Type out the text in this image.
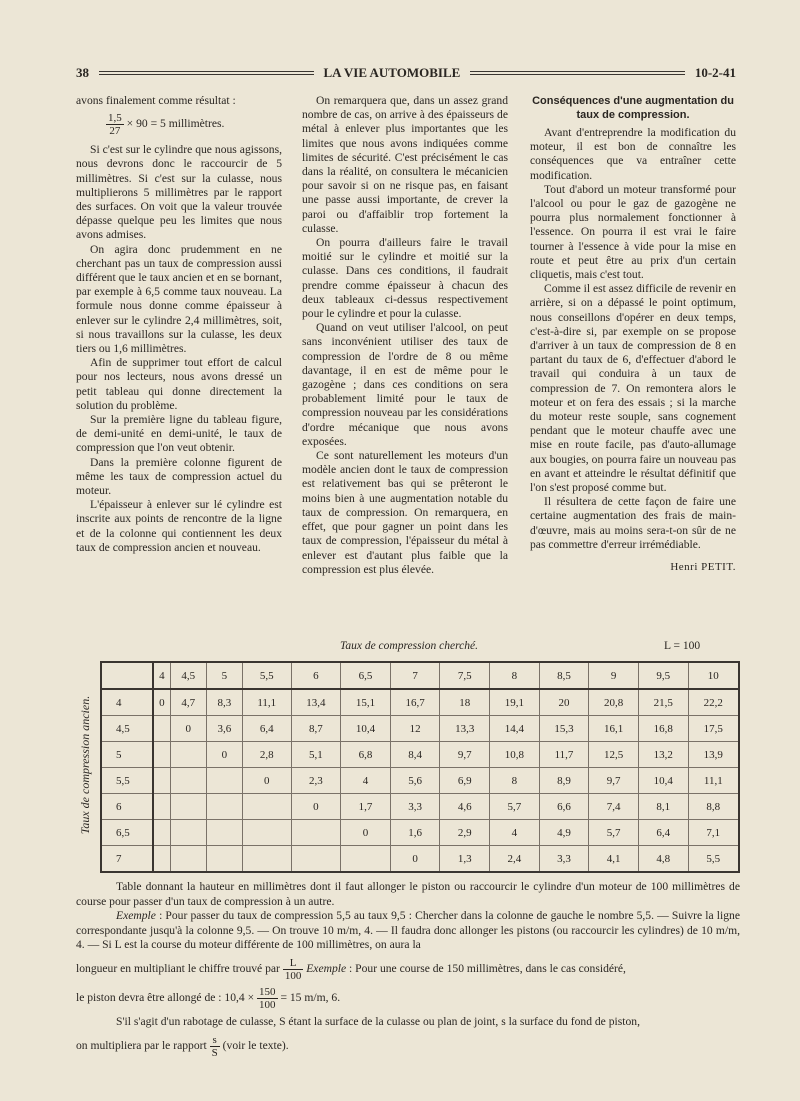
38	LA VIE AUTOMOBILE	10-2-41

avons finalement comme résultat :

$\frac{1,5}{27} \times 90 = 5$ millimètres.

Si c'est sur le cylindre que nous agissons, nous devrons donc le raccourcir de 5 millimètres. Si c'est sur la culasse, nous multiplierons 5 millimètres par le rapport des surfaces. On voit que la valeur trouvée dépasse quelque peu les limites que nous avons admises.

On agira donc prudemment en ne cherchant pas un taux de compression aussi différent que le taux ancien et en se bornant, par exemple à 6,5 comme taux nouveau. La formule nous donne comme épaisseur à enlever sur le cylindre 2,4 millimètres, soit, si nous travaillons sur la culasse, les deux tiers ou 1,6 millimètres.

Afin de supprimer tout effort de calcul pour nos lecteurs, nous avons dressé un petit tableau qui donne directement la solution du problème.

Sur la première ligne du tableau figure, de demi-unité en demi-unité, le taux de compression que l'on veut obtenir.

Dans la première colonne figurent de même les taux de compression actuel du moteur.

L'épaisseur à enlever sur lé cylindre est inscrite aux points de rencontre de la ligne et de la colonne qui contiennent les deux taux de compression ancien et nouveau.

On remarquera que, dans un assez grand nombre de cas, on arrive à des épaisseurs de métal à enlever plus importantes que les limites que nous avons indiquées comme limites de sécurité. C'est précisément le cas dans la réalité, on consultera le mécanicien pour savoir si on ne risque pas, en faisant une passe aussi importante, de crever la paroi ou d'affaiblir trop fortement la culasse.

On pourra d'ailleurs faire le travail moitié sur le cylindre et moitié sur la culasse. Dans ces conditions, il faudrait prendre comme épaisseur à chacun des deux tableaux ci-dessus respectivement pour le cylindre et pour la culasse.

Quand on veut utiliser l'alcool, on peut sans inconvénient utiliser des taux de compression de l'ordre de 8 ou même davantage, il en est de même pour le gazogène ; dans ces conditions on sera probablement limité pour le taux de compression nouveau par les considérations d'ordre mécanique que nous avons exposées.

Ce sont naturellement les moteurs d'un modèle ancien dont le taux de compression est relativement bas qui se prêteront le moins bien à une augmentation notable du taux de compression. On remarquera, en effet, que pour gagner un point dans les taux de compression, l'épaisseur du métal à enlever est d'autant plus faible que la compression est plus élevée.

Conséquences d'une augmentation du taux de compression.

Avant d'entreprendre la modification du moteur, il est bon de connaître les conséquences que va entraîner cette modification.

Tout d'abord un moteur transformé pour l'alcool ou pour le gaz de gazogène ne pourra plus normalement fonctionner à l'essence. On pourra il est vrai le faire tourner à l'essence à vide pour la mise en route et peut être au prix d'un certain cliquetis, mais c'est tout.

Comme il est assez difficile de revenir en arrière, si on a dépassé le point optimum, nous conseillons d'opérer en deux temps, c'est-à-dire si, par exemple on se propose d'arriver à un taux de compression de 8 en partant du taux de 6, d'effectuer d'abord le travail qui conduira à un taux de compression de 7. On remontera alors le moteur et on fera des essais ; si la marche du moteur reste souple, sans cognement pendant que le moteur chauffe avec une mise en route facile, pas d'auto-allumage aux bougies, on pourra faire un nouveau pas en avant et atteindre le résultat définitif que l'on s'est proposé comme but.

Il résultera de cette façon de faire une certaine augmentation des frais de main-d'œuvre, mais au moins sera-t-on sûr de ne pas commettre d'erreur irrémédiable.

Henri PETIT.
Taux de compression cherché.	L = 100
Taux de compression ancien.
	4	4,5	5	5,5	6	6,5	7	7,5	8	8,5	9	9,5	10
4	0	4,7	8,3	11,1	13,4	15,1	16,7	18	19,1	20	20,8	21,5	22,2
4,5		0	3,6	6,4	8,7	10,4	12	13,3	14,4	15,3	16,1	16,8	17,5
5			0	2,8	5,1	6,8	8,4	9,7	10,8	11,7	12,5	13,2	13,9
5,5				0	2,3	4	5,6	6,9	8	8,9	9,7	10,4	11,1
6					0	1,7	3,3	4,6	5,7	6,6	7,4	8,1	8,8
6,5						0	1,6	2,9	4	4,9	5,7	6,4	7,1
7							0	1,3	2,4	3,3	4,1	4,8	5,5

Table donnant la hauteur en millimètres dont il faut allonger le piston ou raccourcir le cylindre d'un moteur de 100 millimètres de course pour passer d'un taux de compression à un autre.

Exemple : Pour passer du taux de compression 5,5 au taux 9,5 : Chercher dans la colonne de gauche le nombre 5,5. — Suivre la ligne correspondante jusqu'à la colonne 9,5. — On trouve 10 m/m, 4. — Il faudra donc allonger les pistons (ou raccourcir les cylindres) de 10 m/m, 4. — Si L est la course du moteur différente de 100 millimètres, on aura la

longueur en multipliant le chiffre trouvé par $\frac{L}{100}$ Exemple : Pour une course de 150 millimètres, dans le cas considéré,

le piston devra être allongé de : $10,4 \times \frac{150}{100} = 15$ m/m, 6.

S'il s'agit d'un rabotage de culasse, S étant la surface de la culasse ou plan de joint, s la surface du fond de piston,

on multipliera par le rapport $\frac{s}{S}$ (voir le texte).
